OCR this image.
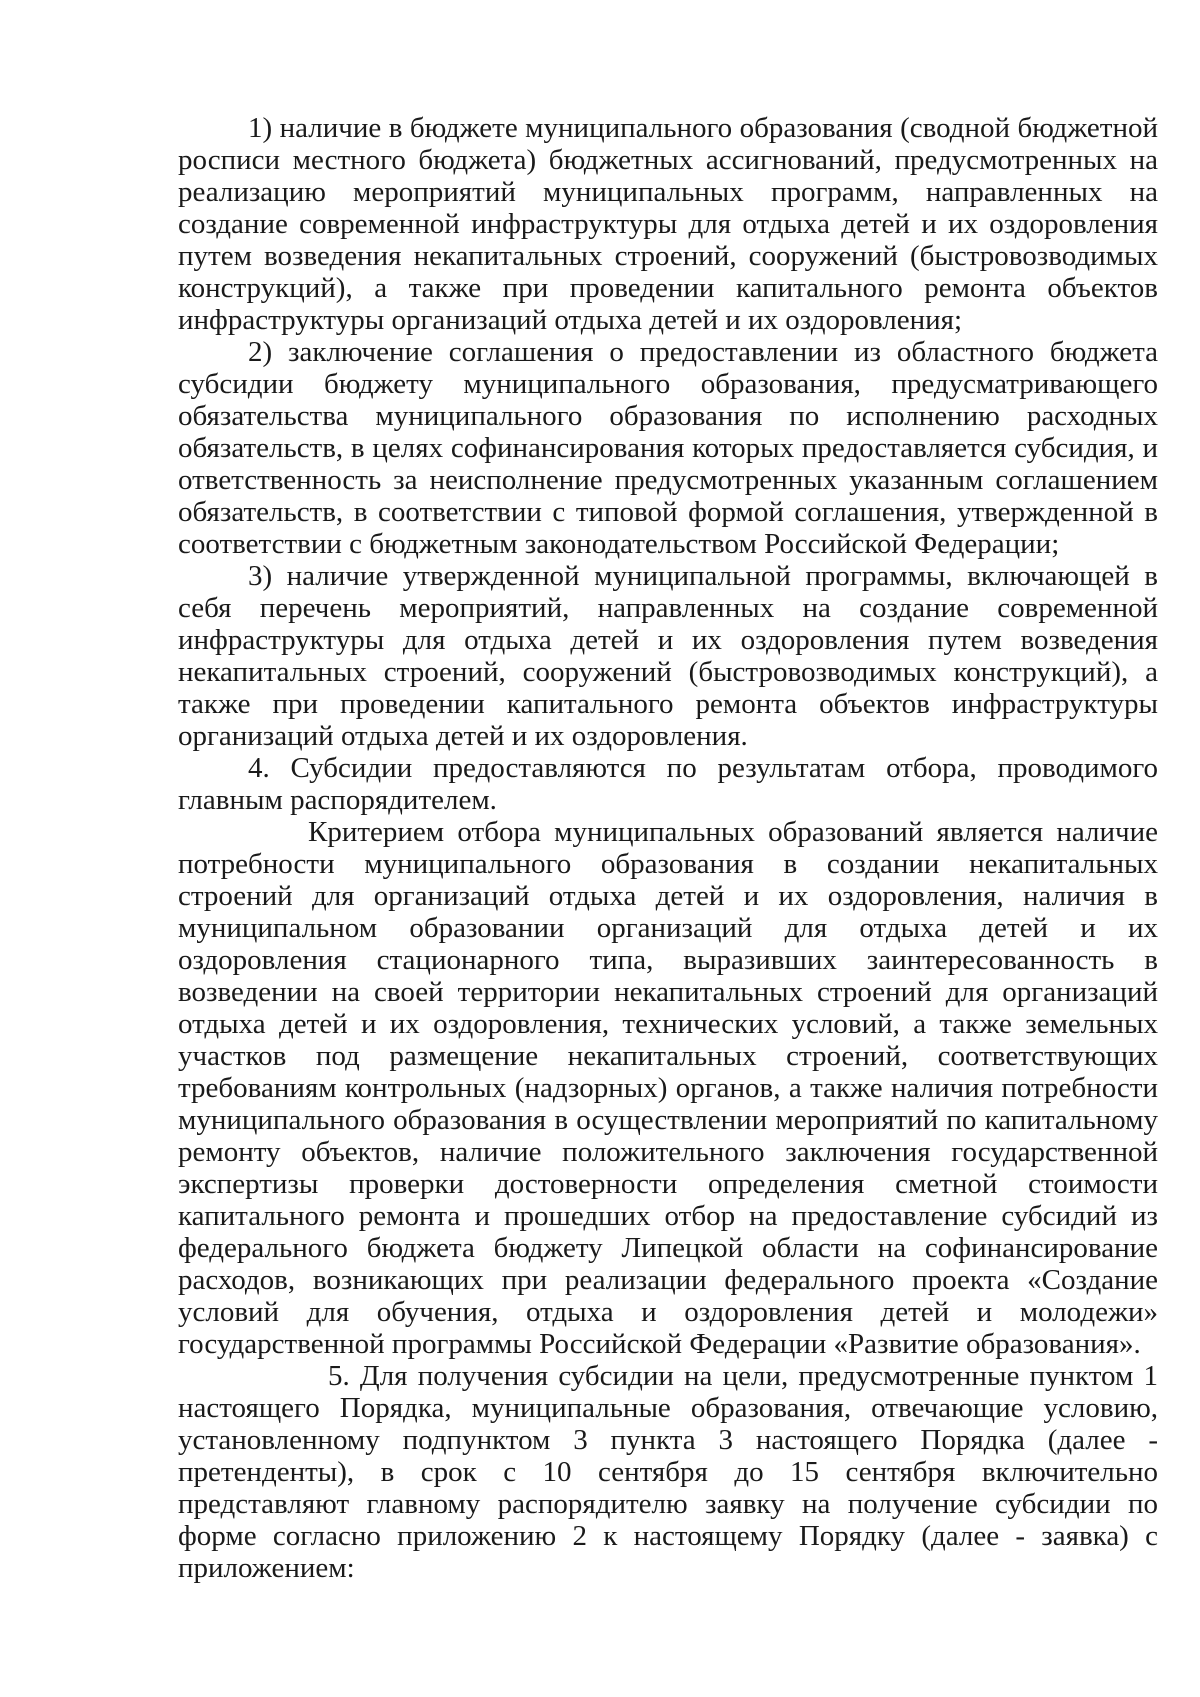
1) наличие в бюджете муниципального образования (сводной бюджетной росписи местного бюджета) бюджетных ассигнований, предусмотренных на реализацию мероприятий муниципальных программ, направленных на создание современной инфраструктуры для отдыха детей и их оздоровления путем возведения некапитальных строений, сооружений (быстровозводимых конструкций), а также при проведении капитального ремонта объектов инфраструктуры организаций отдыха детей и их оздоровления;

2) заключение соглашения о предоставлении из областного бюджета субсидии бюджету муниципального образования, предусматривающего обязательства муниципального образования по исполнению расходных обязательств, в целях софинансирования которых предоставляется субсидия, и ответственность за неисполнение предусмотренных указанным соглашением обязательств, в соответствии с типовой формой соглашения, утвержденной в соответствии с бюджетным законодательством Российской Федерации;

3) наличие утвержденной муниципальной программы, включающей в себя перечень мероприятий, направленных на создание современной инфраструктуры для отдыха детей и их оздоровления путем возведения некапитальных строений, сооружений (быстровозводимых конструкций), а также при проведении капитального ремонта объектов инфраструктуры организаций отдыха детей и их оздоровления.

4. Субсидии предоставляются по результатам отбора, проводимого главным распорядителем.

Критерием отбора муниципальных образований является наличие потребности муниципального образования в создании некапитальных строений для организаций отдыха детей и их оздоровления, наличия в муниципальном образовании организаций для отдыха детей и их оздоровления стационарного типа, выразивших заинтересованность в возведении на своей территории некапитальных строений для организаций отдыха детей и их оздоровления, технических условий, а также земельных участков под размещение некапитальных строений, соответствующих требованиям контрольных (надзорных) органов, а также наличия потребности муниципального образования в осуществлении мероприятий по капитальному ремонту объектов, наличие положительного заключения государственной экспертизы проверки достоверности определения сметной стоимости капитального ремонта и прошедших отбор на предоставление субсидий из федерального бюджета бюджету Липецкой области на софинансирование расходов, возникающих при реализации федерального проекта «Создание условий для обучения, отдыха и оздоровления детей и молодежи» государственной программы Российской Федерации «Развитие образования».

5. Для получения субсидии на цели, предусмотренные пунктом 1 настоящего Порядка, муниципальные образования, отвечающие условию, установленному подпунктом 3 пункта 3 настоящего Порядка (далее - претенденты), в срок с 10 сентября до 15 сентября включительно представляют главному распорядителю заявку на получение субсидии по форме согласно приложению 2 к настоящему Порядку (далее - заявка) с приложением:
